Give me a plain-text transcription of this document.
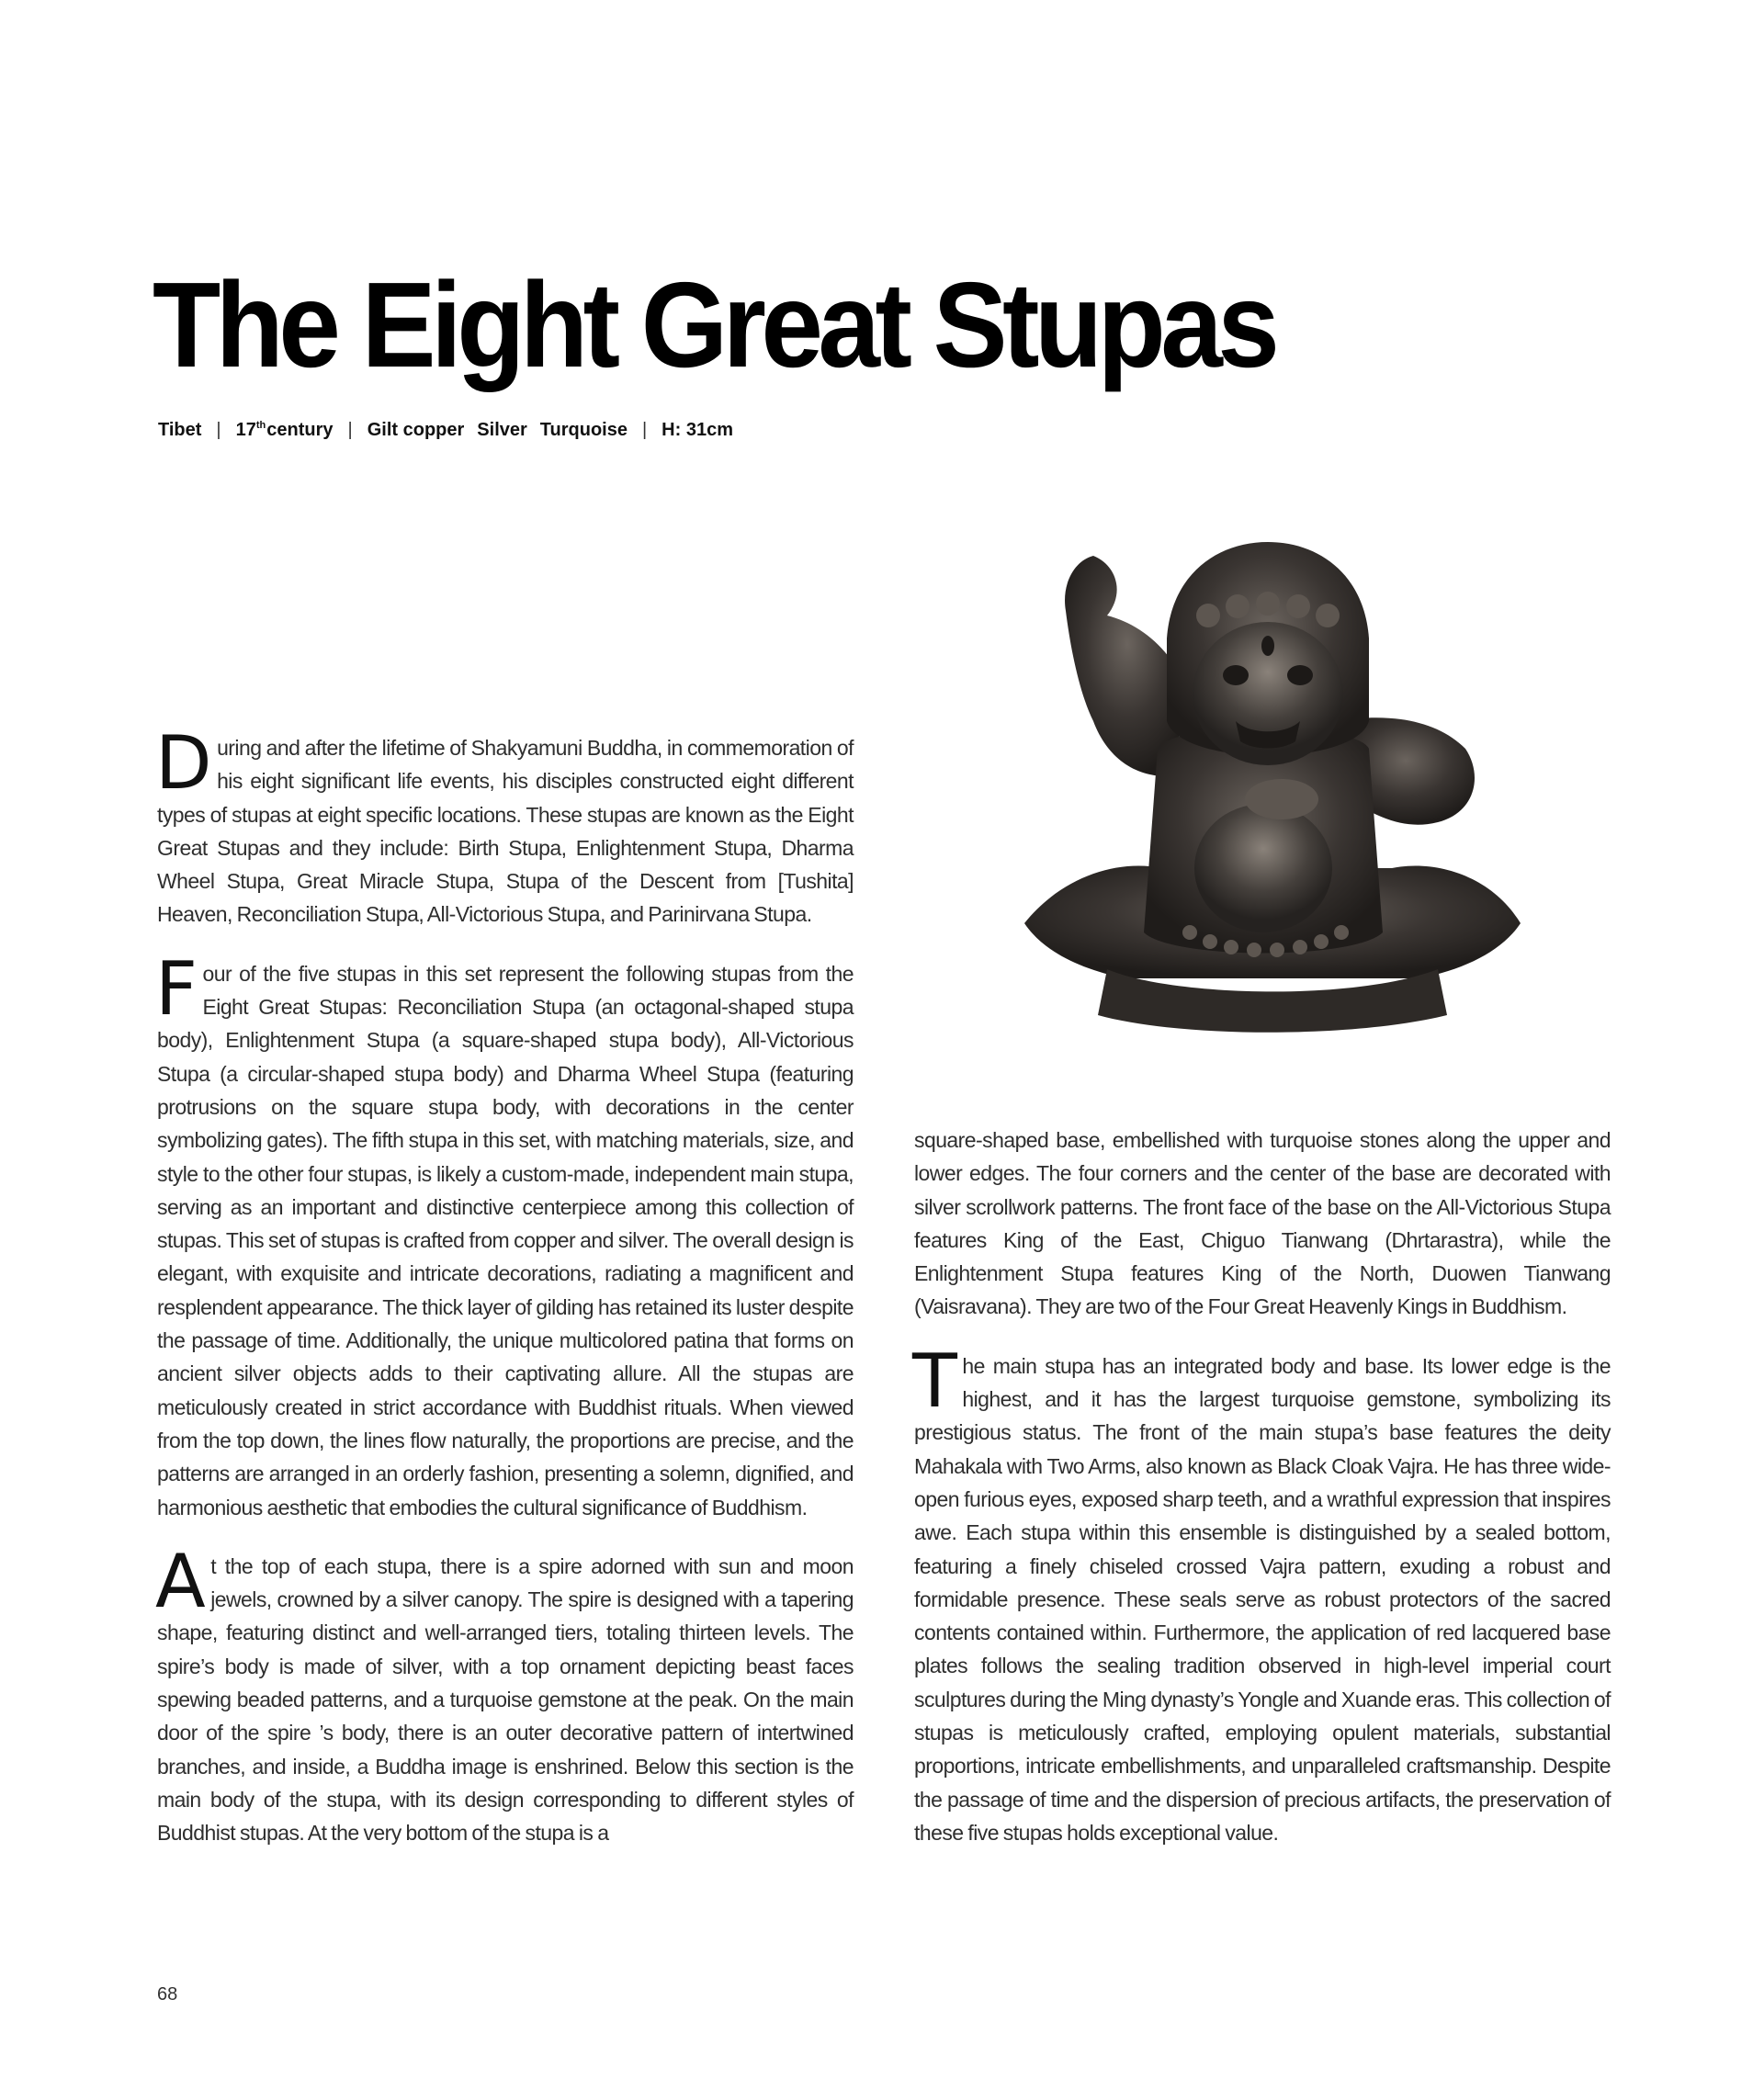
The Eight Great Stupas
Tibet | 17thcentury | Gilt copper Silver Turquoise | H: 31cm

During and after the lifetime of Shakyamuni Buddha, in commemoration of his eight significant life events, his disciples constructed eight different types of stupas at eight specific locations. These stupas are known as the Eight Great Stupas and they include: Birth Stupa, Enlightenment Stupa, Dharma Wheel Stupa, Great Miracle Stupa, Stupa of the Descent from [Tushita] Heaven, Reconciliation Stupa, All-Victorious Stupa, and Parinirvana Stupa.

Four of the five stupas in this set represent the following stupas from the Eight Great Stupas: Reconciliation Stupa (an octagonal-shaped stupa body), Enlightenment Stupa (a square-shaped stupa body), All-Victorious Stupa (a circular-shaped stupa body) and Dharma Wheel Stupa (featuring protrusions on the square stupa body, with decorations in the center symbolizing gates). The fifth stupa in this set, with matching materials, size, and style to the other four stupas, is likely a custom-made, independent main stupa, serving as an important and distinctive centerpiece among this collection of stupas. This set of stupas is crafted from copper and silver. The overall design is elegant, with exquisite and intricate decorations, radiating a magnificent and resplendent appearance. The thick layer of gilding has retained its luster despite the passage of time. Additionally, the unique multicolored patina that forms on ancient silver objects adds to their captivating allure. All the stupas are meticulously created in strict accordance with Buddhist rituals. When viewed from the top down, the lines flow naturally, the proportions are precise, and the patterns are arranged in an orderly fashion, presenting a solemn, dignified, and harmonious aesthetic that embodies the cultural significance of Buddhism.

At the top of each stupa, there is a spire adorned with sun and moon jewels, crowned by a silver canopy. The spire is designed with a tapering shape, featuring distinct and well-arranged tiers, totaling thirteen levels. The spire’s body is made of silver, with a top ornament depicting beast faces spewing beaded patterns, and a turquoise gemstone at the peak. On the main door of the spire ’s body, there is an outer decorative pattern of intertwined branches, and inside, a Buddha image is enshrined. Below this section is the main body of the stupa, with its design corresponding to different styles of Buddhist stupas. At the very bottom of the stupa is a

square-shaped base, embellished with turquoise stones along the upper and lower edges. The four corners and the center of the base are decorated with silver scrollwork patterns. The front face of the base on the All-Victorious Stupa features King of the East, Chiguo Tianwang (Dhrtarastra), while the Enlightenment Stupa features King of the North, Duowen Tianwang (Vaisravana). They are two of the Four Great Heavenly Kings in Buddhism.

The main stupa has an integrated body and base. Its lower edge is the highest, and it has the largest turquoise gemstone, symbolizing its prestigious status. The front of the main stupa’s base features the deity Mahakala with Two Arms, also known as Black Cloak Vajra. He has three wide-open furious eyes, exposed sharp teeth, and a wrathful expression that inspires awe. Each stupa within this ensemble is distinguished by a sealed bottom, featuring a finely chiseled crossed Vajra pattern, exuding a robust and formidable presence. These seals serve as robust protectors of the sacred contents contained within. Furthermore, the application of red lacquered base plates follows the sealing tradition observed in high-level imperial court sculptures during the Ming dynasty’s Yongle and Xuande eras. This collection of stupas is meticulously crafted, employing opulent materials, substantial proportions, intricate embellishments, and unparalleled craftsmanship. Despite the passage of time and the dispersion of precious artifacts, the preservation of these five stupas holds exceptional value.

68
